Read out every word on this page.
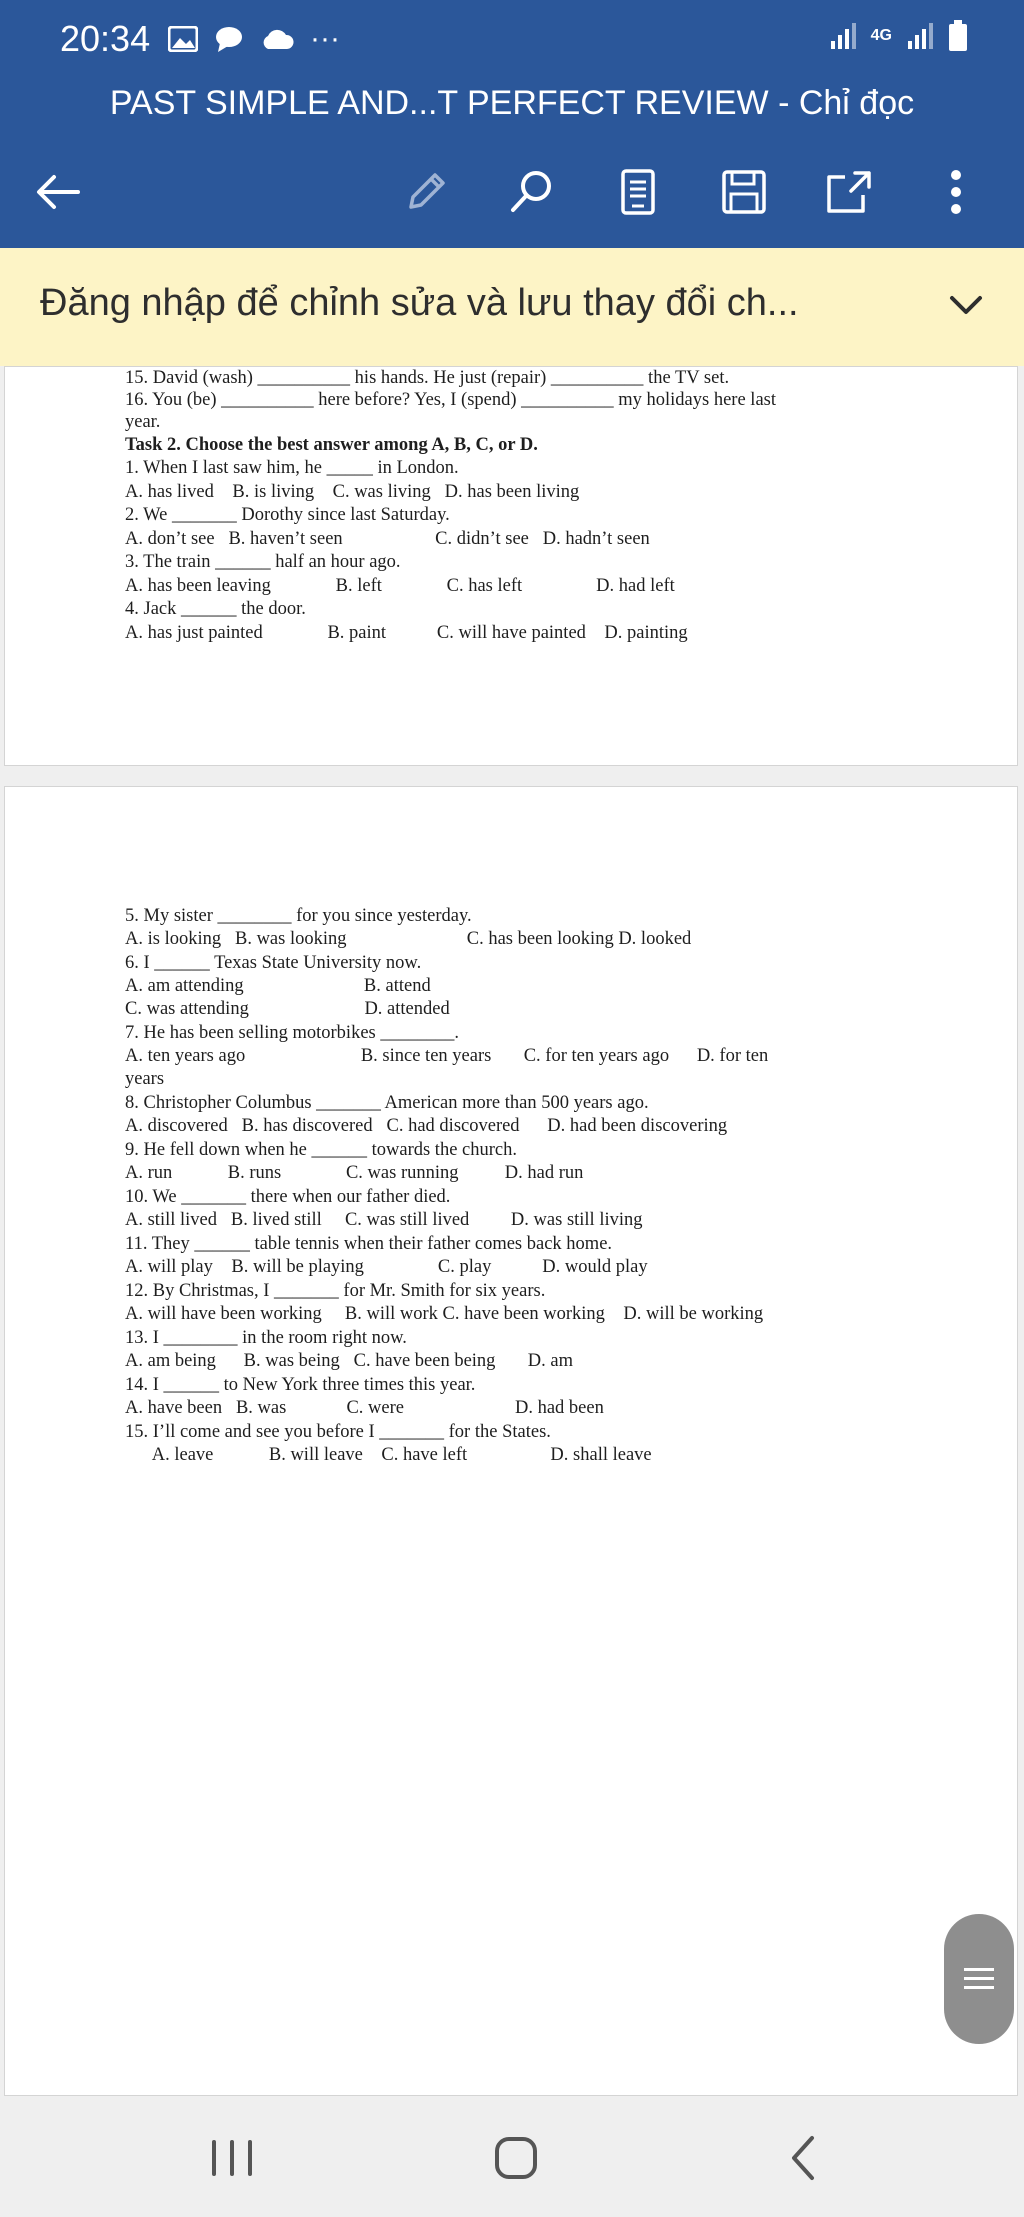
20:34	···	4G
PAST SIMPLE AND...T PERFECT REVIEW - Chỉ đọc
Đăng nhập để chỉnh sửa và lưu thay đổi ch...
15. David (wash) __________ his hands. He just (repair) __________ the TV set.
16. You (be) __________ here before? Yes, I (spend) __________ my holidays here last
year.
Task 2. Choose the best answer among A, B, C, or D.
1. When I last saw him, he _____ in London.
A. has lived    B. is living    C. was living   D. has been living
2. We _______ Dorothy since last Saturday.
A. don’t see   B. haven’t seen                    C. didn’t see   D. hadn’t seen
3. The train ______ half an hour ago.
A. has been leaving              B. left              C. has left                D. had left
4. Jack ______ the door.
A. has just painted              B. paint           C. will have painted    D. painting
5. My sister ________ for you since yesterday.
A. is looking   B. was looking                          C. has been looking D. looked
6. I ______ Texas State University now.
A. am attending                          B. attend
C. was attending                         D. attended
7. He has been selling motorbikes ________.
A. ten years ago                         B. since ten years       C. for ten years ago      D. for ten
years
8. Christopher Columbus _______ American more than 500 years ago.
A. discovered   B. has discovered   C. had discovered      D. had been discovering
9. He fell down when he ______ towards the church.
A. run            B. runs              C. was running          D. had run
10. We _______ there when our father died.
A. still lived   B. lived still     C. was still lived         D. was still living
11. They ______ table tennis when their father comes back home.
A. will play    B. will be playing                C. play           D. would play
12. By Christmas, I _______ for Mr. Smith for six years.
A. will have been working     B. will work C. have been working    D. will be working
13. I ________ in the room right now.
A. am being      B. was being   C. have been being       D. am
14. I ______ to New York three times this year.
A. have been   B. was             C. were                        D. had been
15. I’ll come and see you before I _______ for the States.
A. leave            B. will leave    C. have left                  D. shall leave
